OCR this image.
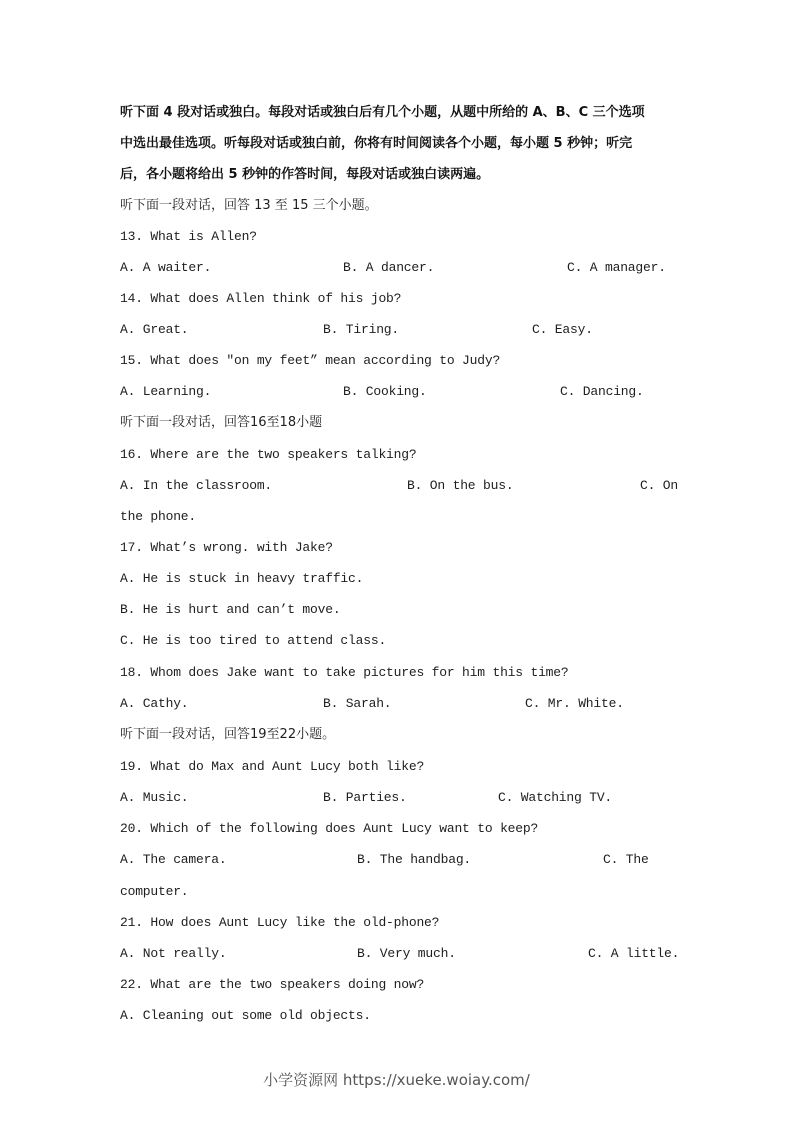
听下面 4 段对话或独白。每段对话或独白后有几个小题，从题中所给的 A、B、C 三个选项
中选出最佳选项。听每段对话或独白前，你将有时间阅读各个小题，每小题 5 秒钟；听完
后，各小题将给出 5 秒钟的作答时间，每段对话或独白读两遍。
听下面一段对话，回答 13 至 15 三个小题。
13. What is Allen?
A. A waiter.	B. A dancer.	C. A manager.
14. What does Allen think of his job?
A. Great.	B. Tiring.	C. Easy.
15. What does "on my feet” mean according to Judy?
A. Learning.	B. Cooking.	C. Dancing.
听下面一段对话，回答16至18小题
16. Where are the two speakers talking?
A. In the classroom.	B. On the bus.	C. On
the phone.
17. What’s wrong. with Jake?
A. He is stuck in heavy traffic.
B. He is hurt and can’t move.
C. He is too tired to attend class.
18. Whom does Jake want to take pictures for him this time?
A. Cathy.	B. Sarah.	C. Mr. White.
听下面一段对话，回答19至22小题。
19. What do Max and Aunt Lucy both like?
A. Music.	B. Parties.	C. Watching TV.
20. Which of the following does Aunt Lucy want to keep?
A. The camera.	B. The handbag.	C. The
computer.
21. How does Aunt Lucy like the old-phone?
A. Not really.	B. Very much.	C. A little.
22. What are the two speakers doing now?
A. Cleaning out some old objects.
小学资源网 https://xueke.woiay.com/
